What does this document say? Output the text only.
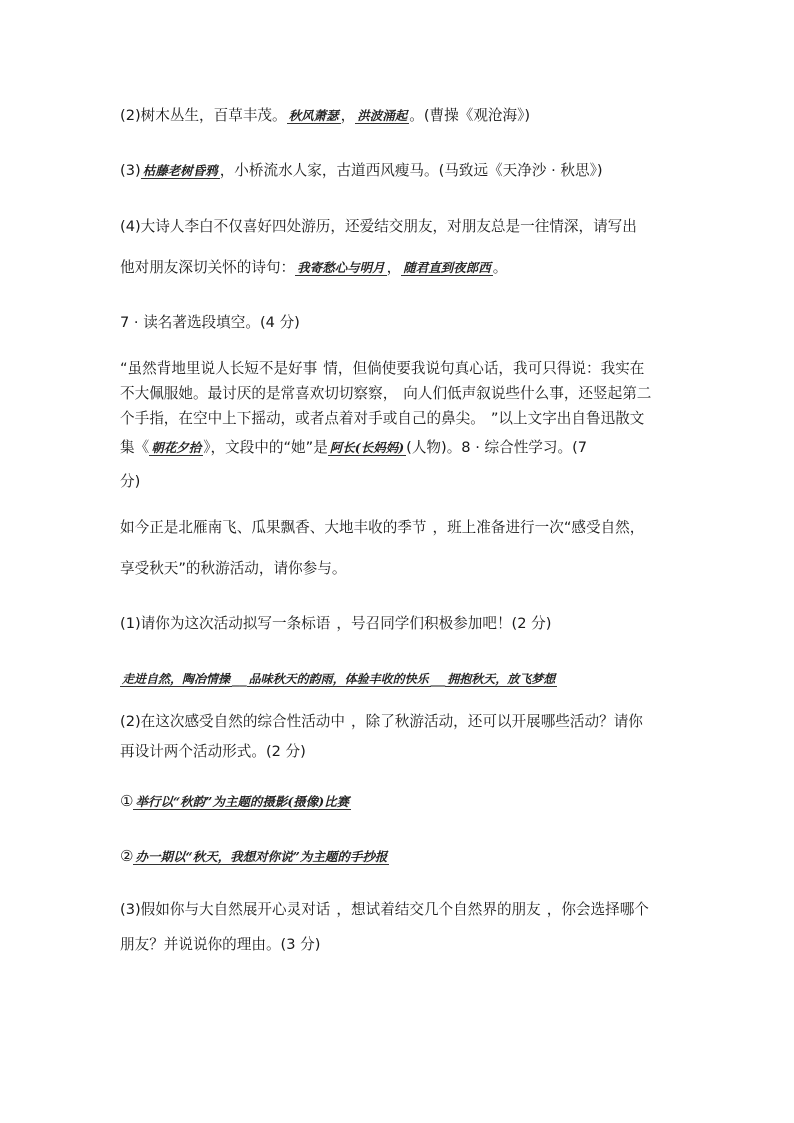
(2)树木丛生，百草丰茂。 秋风萧瑟 ， 洪波涌起 。(曹操《观沧海》)
(3) 枯藤老树昏鸦 ，小桥流水人家，古道西风瘦马。(马致远《天净沙 · 秋思》)
(4)大诗人李白不仅喜好四处游历，还爱结交朋友，对朋友总是一往情深，请写出
他对朋友深切关怀的诗句： 我寄愁心与明月 ， 随君直到夜郎西 。
7 · 读名著选段填空。(4 分)
“虽然背地里说人长短不是好事 情，但倘使要我说句真心话，我可只得说：我实在
不大佩服她。最讨厌的是常喜欢切切察察， 向人们低声叙说些什么事，还竖起第二
个手指，在空中上下摇动，或者点着对手或自己的鼻尖。 ”以上文字出自鲁迅散文
集《 朝花夕拾 》，文段中的“她”是 阿长(长妈妈) (人物)。8 · 综合性学习。(7
分)
如今正是北雁南飞、瓜果飘香、大地丰收的季节 ，班上准备进行一次“感受自然，
享受秋天”的秋游活动，请你参与。
(1)请你为这次活动拟写一条标语 ，号召同学们积极参加吧！(2 分)
走进自然，陶冶情操 __ 品味秋天的韵雨，体验丰收的快乐 __ 拥抱秋天，放飞梦想
(2)在这次感受自然的综合性活动中 ，除了秋游活动，还可以开展哪些活动？请你
再设计两个活动形式。(2 分)
① 举行以“秋韵”为主题的摄影(摄像)比赛
② 办一期以“秋天，我想对你说”为主题的手抄报
(3)假如你与大自然展开心灵对话 ，想试着结交几个自然界的朋友 ，你会选择哪个
朋友？并说说你的理由。(3 分)
